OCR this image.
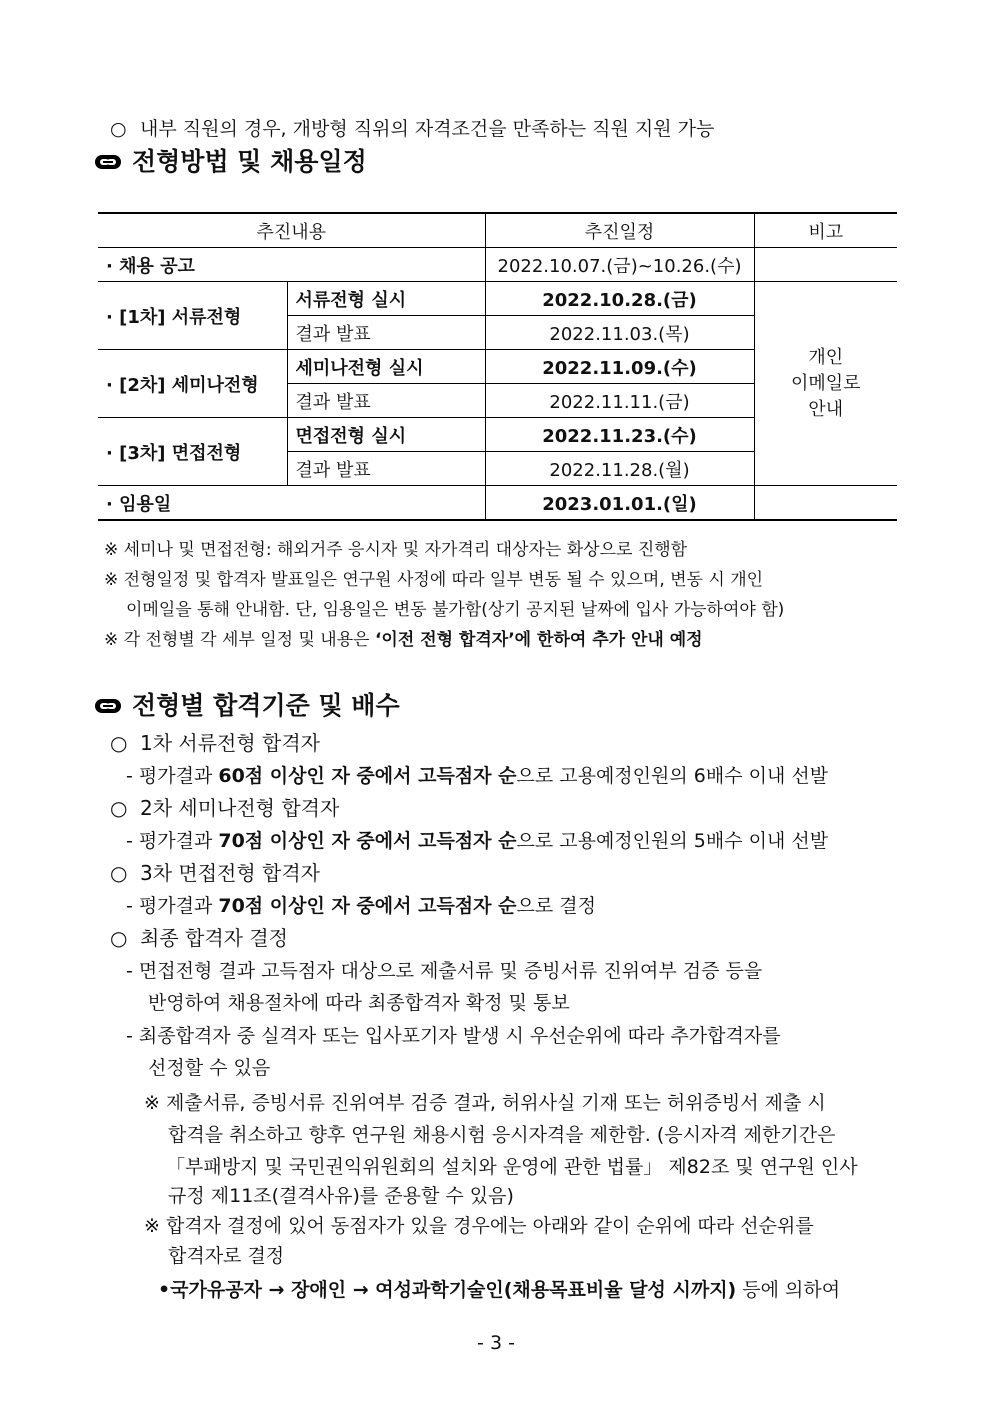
○ 내부 직원의 경우, 개방형 직위의 자격조건을 만족하는 직원 지원 가능
전형방법 및 채용일정
추진내용		추진일정	비고
· 채용 공고		2022.10.07.(금)~10.26.(수)	
· [1차] 서류전형	서류전형 실시	2022.10.28.(금)	개인
이메일로
안내

	결과 발표	2022.11.03.(목)	
· [2차] 세미나전형	세미나전형 실시	2022.11.09.(수)	
	결과 발표	2022.11.11.(금)	
· [3차] 면접전형	면접전형 실시	2022.11.23.(수)	
	결과 발표	2022.11.28.(월)	
· 임용일		2023.01.01.(일)	
※ 세미나 및 면접전형: 해외거주 응시자 및 자가격리 대상자는 화상으로 진행함
※ 전형일정 및 합격자 발표일은 연구원 사정에 따라 일부 변동 될 수 있으며, 변동 시 개인
이메일을 통해 안내함. 단, 임용일은 변동 불가함(상기 공지된 날짜에 입사 가능하여야 함)
※ 각 전형별 각 세부 일정 및 내용은 ‘이전 전형 합격자’에 한하여 추가 안내 예정
전형별 합격기준 및 배수
○ 1차 서류전형 합격자
- 평가결과 60점 이상인 자 중에서 고득점자 순으로 고용예정인원의 6배수 이내 선발
○ 2차 세미나전형 합격자
- 평가결과 70점 이상인 자 중에서 고득점자 순으로 고용예정인원의 5배수 이내 선발
○ 3차 면접전형 합격자
- 평가결과 70점 이상인 자 중에서 고득점자 순으로 결정
○ 최종 합격자 결정
- 면접전형 결과 고득점자 대상으로 제출서류 및 증빙서류 진위여부 검증 등을
반영하여 채용절차에 따라 최종합격자 확정 및 통보
- 최종합격자 중 실격자 또는 입사포기자 발생 시 우선순위에 따라 추가합격자를
선정할 수 있음
※ 제출서류, 증빙서류 진위여부 검증 결과, 허위사실 기재 또는 허위증빙서 제출 시
합격을 취소하고 향후 연구원 채용시험 응시자격을 제한함. (응시자격 제한기간은
「부패방지 및 국민권익위원회의 설치와 운영에 관한 법률」 제82조 및 연구원 인사
규정 제11조(결격사유)를 준용할 수 있음)
※ 합격자 결정에 있어 동점자가 있을 경우에는 아래와 같이 순위에 따라 선순위를
합격자로 결정
•국가유공자 → 장애인 → 여성과학기술인(채용목표비율 달성 시까지) 등에 의하여
- 3 -
